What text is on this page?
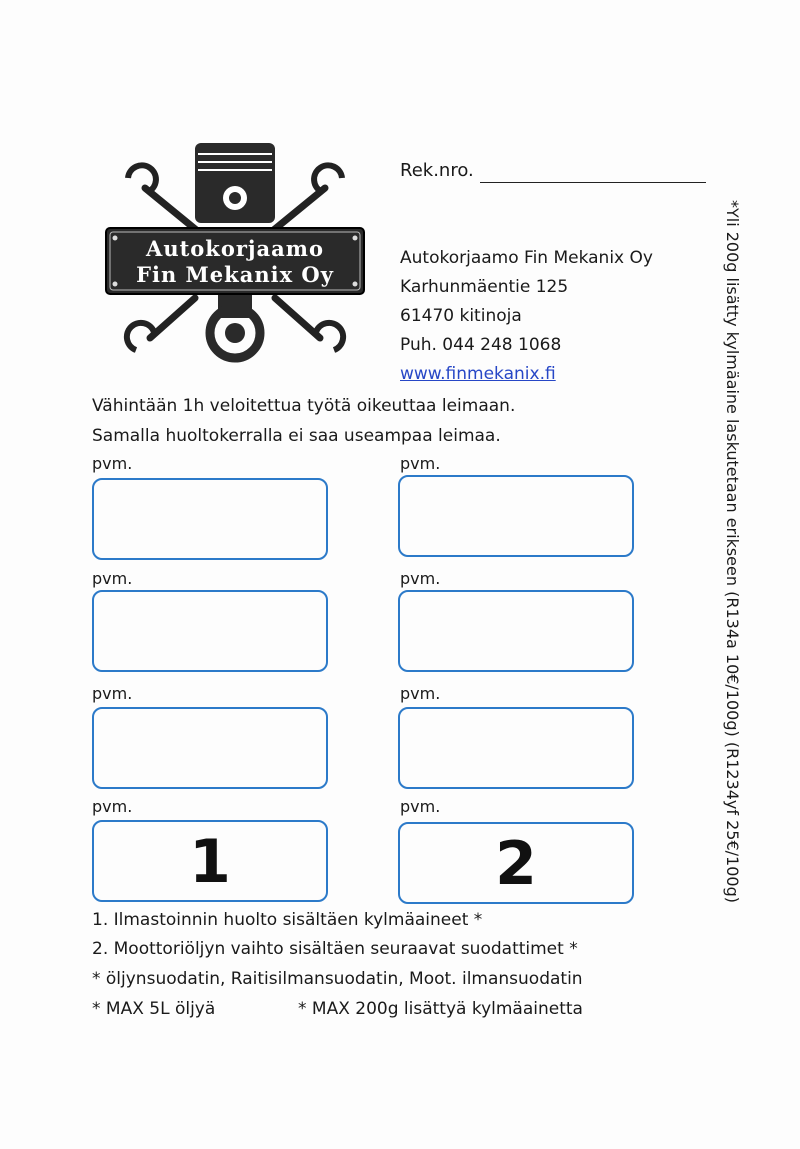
Autokorjaamo
Fin Mekanix Oy
Rek.nro.
Autokorjaamo Fin Mekanix Oy
Karhunmäentie 125
61470 kitinoja
Puh. 044 248 1068
www.finmekanix.fi
Vähintään 1h veloitettua työtä oikeuttaa leimaan.
Samalla huoltokerralla ei saa useampaa leimaa.
pvm.	pvm.
pvm.	pvm.
pvm.	pvm.
pvm.	pvm.
1	2
1. Ilmastoinnin huolto sisältäen kylmäaineet *
2. Moottoriöljyn vaihto sisältäen seuraavat suodattimet *
* öljynsuodatin, Raitisilmansuodatin, Moot. ilmansuodatin
* MAX 5L öljyä	* MAX 200g lisättyä kylmäainetta
*Yli 200g lisätty kylmäaine laskutetaan erikseen (R134a 10€/100g) (R1234yf 25€/100g)
